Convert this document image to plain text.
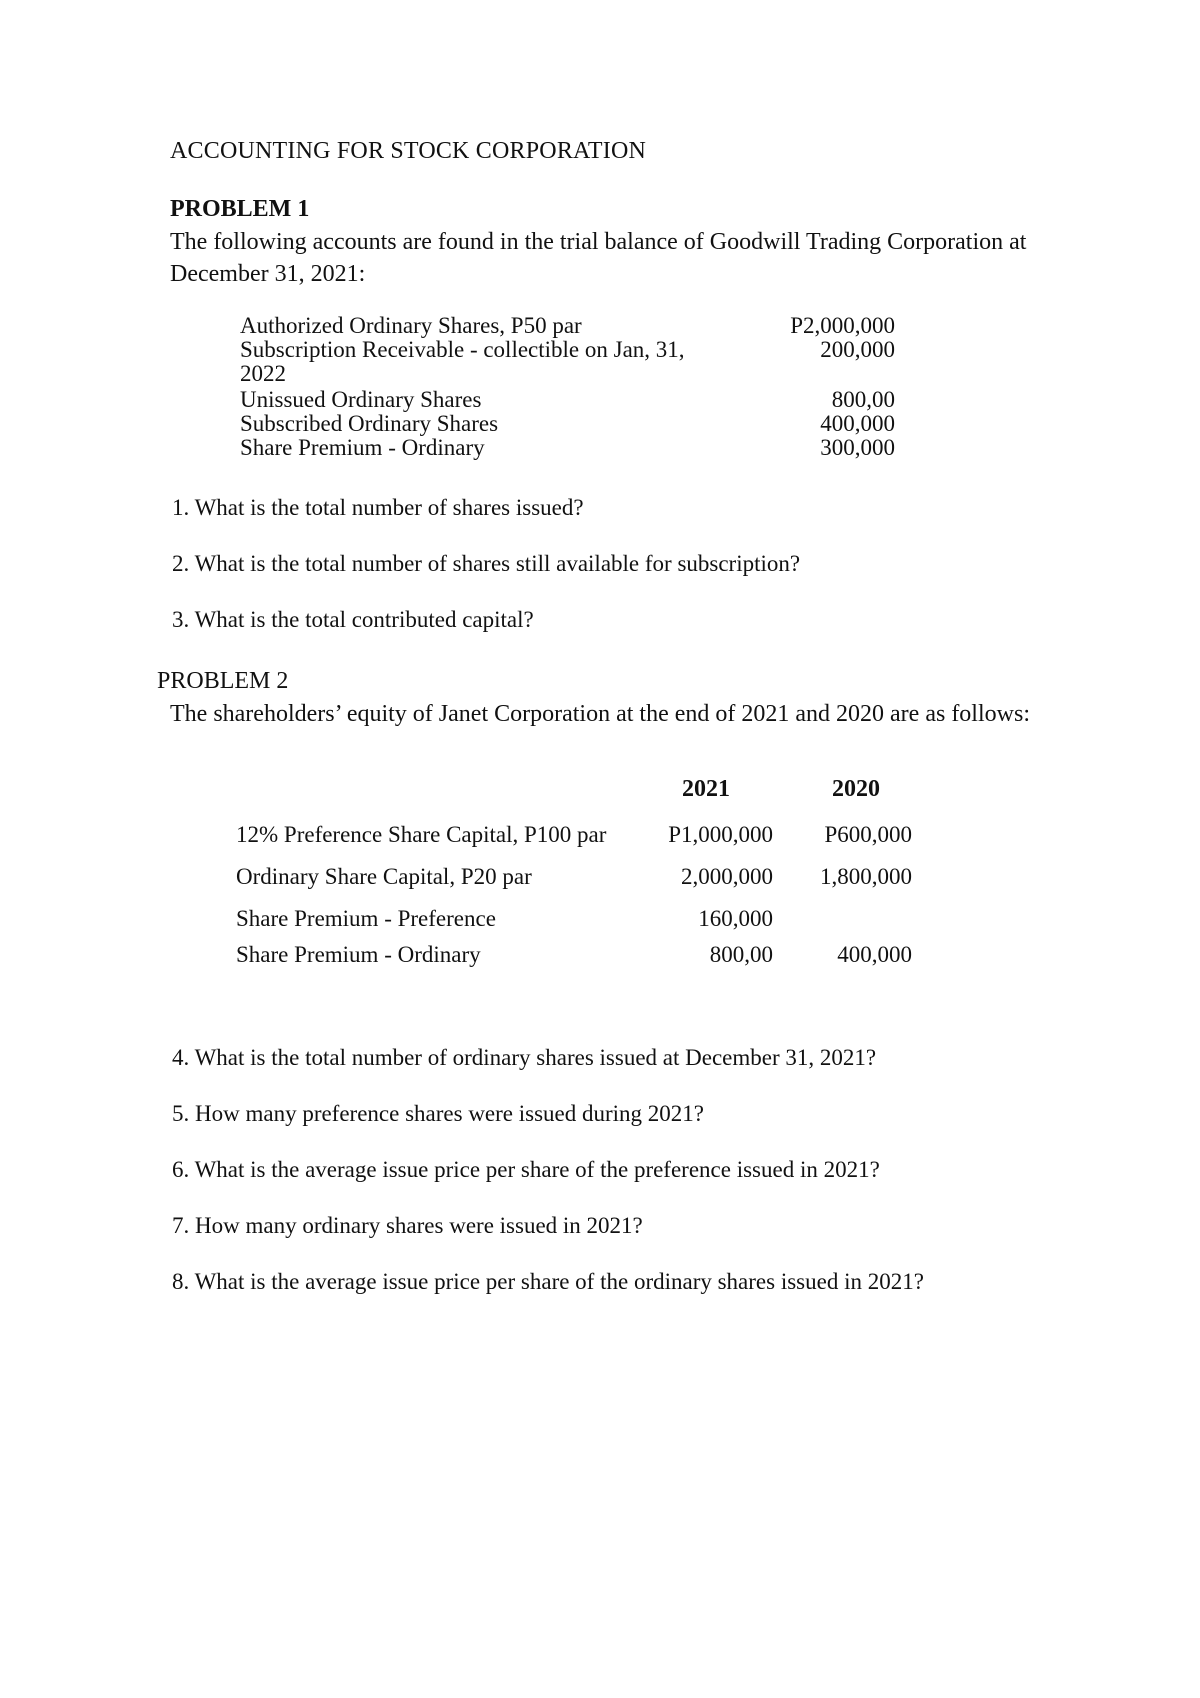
ACCOUNTING FOR STOCK CORPORATION
PROBLEM 1
The following accounts are found in the trial balance of Goodwill Trading Corporation at
December 31, 2021:
Authorized Ordinary Shares, P50 par	P2,000,000
Subscription Receivable - collectible on Jan, 31,	200,000
2022
Unissued Ordinary Shares	800,00
Subscribed Ordinary Shares	400,000
Share Premium - Ordinary	300,000
1. What is the total number of shares issued?
2. What is the total number of shares still available for subscription?
3. What is the total contributed capital?
PROBLEM 2
The shareholders’ equity of Janet Corporation at the end of 2021 and 2020 are as follows:
2021	2020
12% Preference Share Capital, P100 par	P1,000,000	P600,000
Ordinary Share Capital, P20 par	2,000,000	1,800,000
Share Premium - Preference	160,000
Share Premium - Ordinary	800,00	400,000
4. What is the total number of ordinary shares issued at December 31, 2021?
5. How many preference shares were issued during 2021?
6. What is the average issue price per share of the preference issued in 2021?
7. How many ordinary shares were issued in 2021?
8. What is the average issue price per share of the ordinary shares issued in 2021?
